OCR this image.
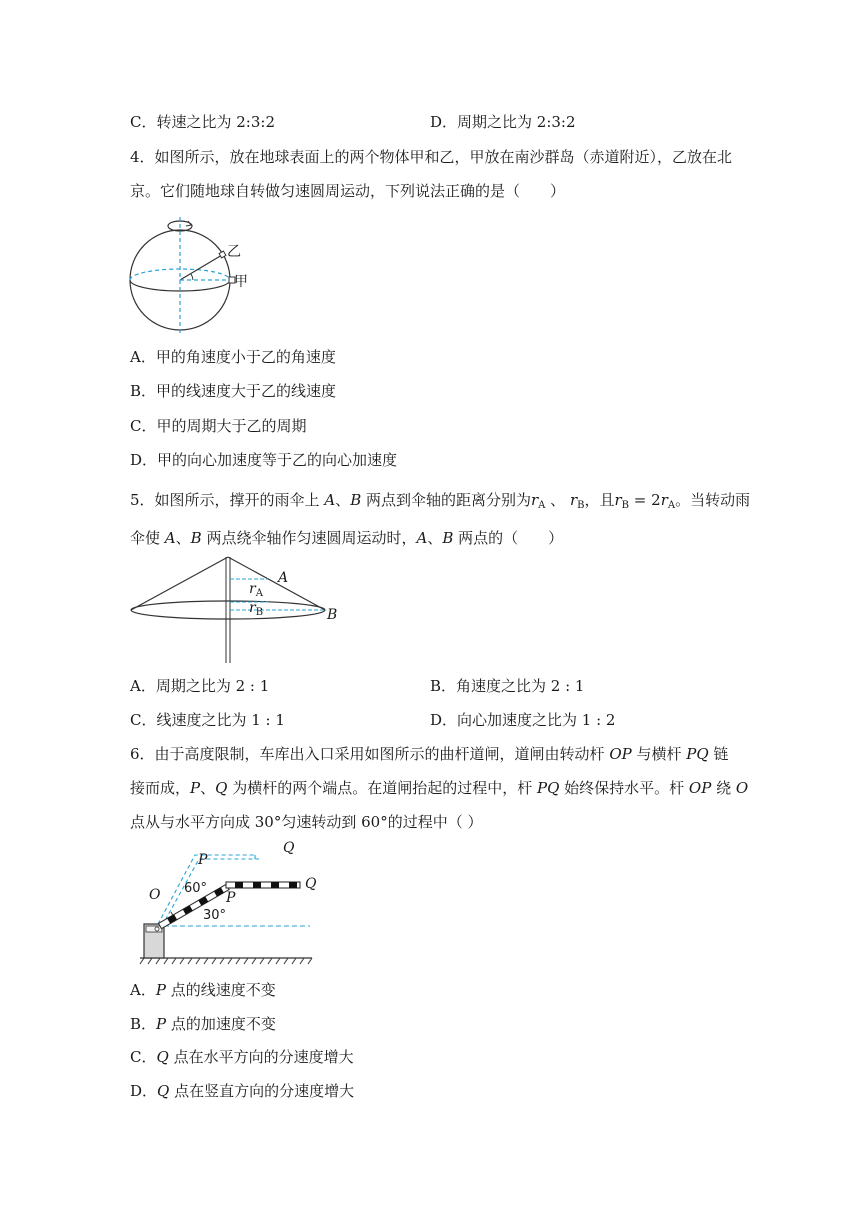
C．转速之比为 2:3:2	D．周期之比为 2:3:2
4．如图所示，放在地球表面上的两个物体甲和乙，甲放在南沙群岛（赤道附近），乙放在北
京。它们随地球自转做匀速圆周运动，下列说法正确的是（　　）
乙
甲
A．甲的角速度小于乙的角速度
B．甲的线速度大于乙的线速度
C．甲的周期大于乙的周期
D．甲的向心加速度等于乙的向心加速度
5．如图所示，撑开的雨伞上 A、B 两点到伞轴的距离分别为$r_A$ 、 $r_B$，且$r_B = 2r_A$。当转动雨
伞使 A、B 两点绕伞轴作匀速圆周运动时，A、B 两点的（　　）
A
B
$r_A$
$r_B$
A．周期之比为 2 : 1	B．角速度之比为 2 : 1
C．线速度之比为 1 : 1	D．向心加速度之比为 1 : 2
6．由于高度限制，车库出入口采用如图所示的曲杆道闸，道闸由转动杆 OP 与横杆 PQ 链
接而成，P、Q 为横杆的两个端点。在道闸抬起的过程中，杆 PQ 始终保持水平。杆 OP 绕 O
点从与水平方向成 30°匀速转动到 60°的过程中（ ）
O
P
Q
P
Q
60°
30°
A．P 点的线速度不变
B．P 点的加速度不变
C．Q 点在水平方向的分速度增大
D．Q 点在竖直方向的分速度增大
